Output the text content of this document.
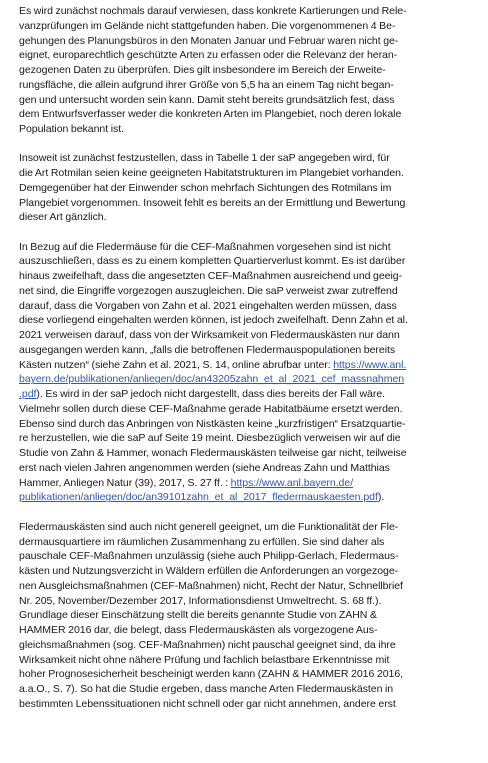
Es wird zunächst nochmals darauf verwiesen, dass konkrete Kartierungen und Rele-
vanzprüfungen im Gelände nicht stattgefunden haben. Die vorgenommenen 4 Be-
gehungen des Planungsbüros in den Monaten Januar und Februar waren nicht ge-
eignet, europarechtlich geschützte Arten zu erfassen oder die Relevanz der heran-
gezogenen Daten zu überprüfen. Dies gilt insbesondere im Bereich der Erweite-
rungsfläche, die allein aufgrund ihrer Größe von 5,5 ha an einem Tag nicht began-
gen und untersucht worden sein kann. Damit steht bereits grundsätzlich fest, dass
dem Entwurfsverfasser weder die konkreten Arten im Plangebiet, noch deren lokale
Population bekannt ist.
Insoweit ist zunächst festzustellen, dass in Tabelle 1 der saP angegeben wird, für
die Art Rotmilan seien keine geeigneten Habitatstrukturen im Plangebiet vorhanden.
Demgegenüber hat der Einwender schon mehrfach Sichtungen des Rotmilans im
Plangebiet vorgenommen. Insoweit fehlt es bereits an der Ermittlung und Bewertung
dieser Art gänzlich.
In Bezug auf die Fledermäuse für die CEF-Maßnahmen vorgesehen sind ist nicht
auszuschließen, dass es zu einem kompletten Quartierverlust kommt. Es ist darüber
hinaus zweifelhaft, dass die angesetzten CEF-Maßnahmen ausreichend und geeig-
net sind, die Eingriffe vorgezogen auszugleichen. Die saP verweist zwar zutreffend
darauf, dass die Vorgaben von Zahn et al. 2021 eingehalten werden müssen, dass
diese vorliegend eingehalten werden können, ist jedoch zweifelhaft. Denn Zahn et al.
2021 verweisen darauf, dass von der Wirksamkeit von Fledermauskästen nur dann
ausgegangen werden kann, „falls die betroffenen Fledermauspopulationen bereits
Kästen nutzen“ (siehe Zahn et al. 2021, S. 14, online abrufbar unter: https://www.anl.
bayern.de/publikationen/anliegen/doc/an43205zahn_et_al_2021_cef_massnahmen
.pdf). Es wird in der saP jedoch nicht dargestellt, dass dies bereits der Fall wäre.
Vielmehr sollen durch diese CEF-Maßnahme gerade Habitatbäume ersetzt werden.
Ebenso sind durch das Anbringen von Nistkästen keine „kurzfristigen“ Ersatzquartie-
re herzustellen, wie die saP auf Seite 19 meint. Diesbezüglich verweisen wir auf die
Studie von Zahn & Hammer, wonach Fledermauskästen teilweise gar nicht, teilweise
erst nach vielen Jahren angenommen werden (siehe Andreas Zahn und Matthias
Hammer, Anliegen Natur (39), 2017, S. 27 ff. : https://www.anl.bayern.de/
publikationen/anliegen/doc/an39101zahn_et_al_2017_fledermauskaesten.pdf).
Fledermauskästen sind auch nicht generell geeignet, um die Funktionalität der Fle-
dermausquartiere im räumlichen Zusammenhang zu erfüllen. Sie sind daher als
pauschale CEF-Maßnahmen unzulässig (siehe auch Philipp-Gerlach, Fledermaus-
kästen und Nutzungsverzicht in Wäldern erfüllen die Anforderungen an vorgezoge-
nen Ausgleichsmaßnahmen (CEF-Maßnahmen) nicht, Recht der Natur, Schnellbrief
Nr. 205, November/Dezember 2017, Informationsdienst Umweltrecht. S. 68 ff.).
Grundlage dieser Einschätzung stellt die bereits genannte Studie von ZAHN &
HAMMER 2016 dar, die belegt, dass Fledermauskästen als vorgezogene Aus-
gleichsmaßnahmen (sog. CEF-Maßnahmen) nicht pauschal geeignet sind, da ihre
Wirksamkeit nicht ohne nähere Prüfung und fachlich belastbare Erkenntnisse mit
hoher Prognosesicherheit bescheinigt werden kann (ZAHN & HAMMER 2016 2016,
a.a.O., S. 7). So hat die Studie ergeben, dass manche Arten Fledermauskästen in
bestimmten Lebenssituationen nicht schnell oder gar nicht annehmen, andere erst
